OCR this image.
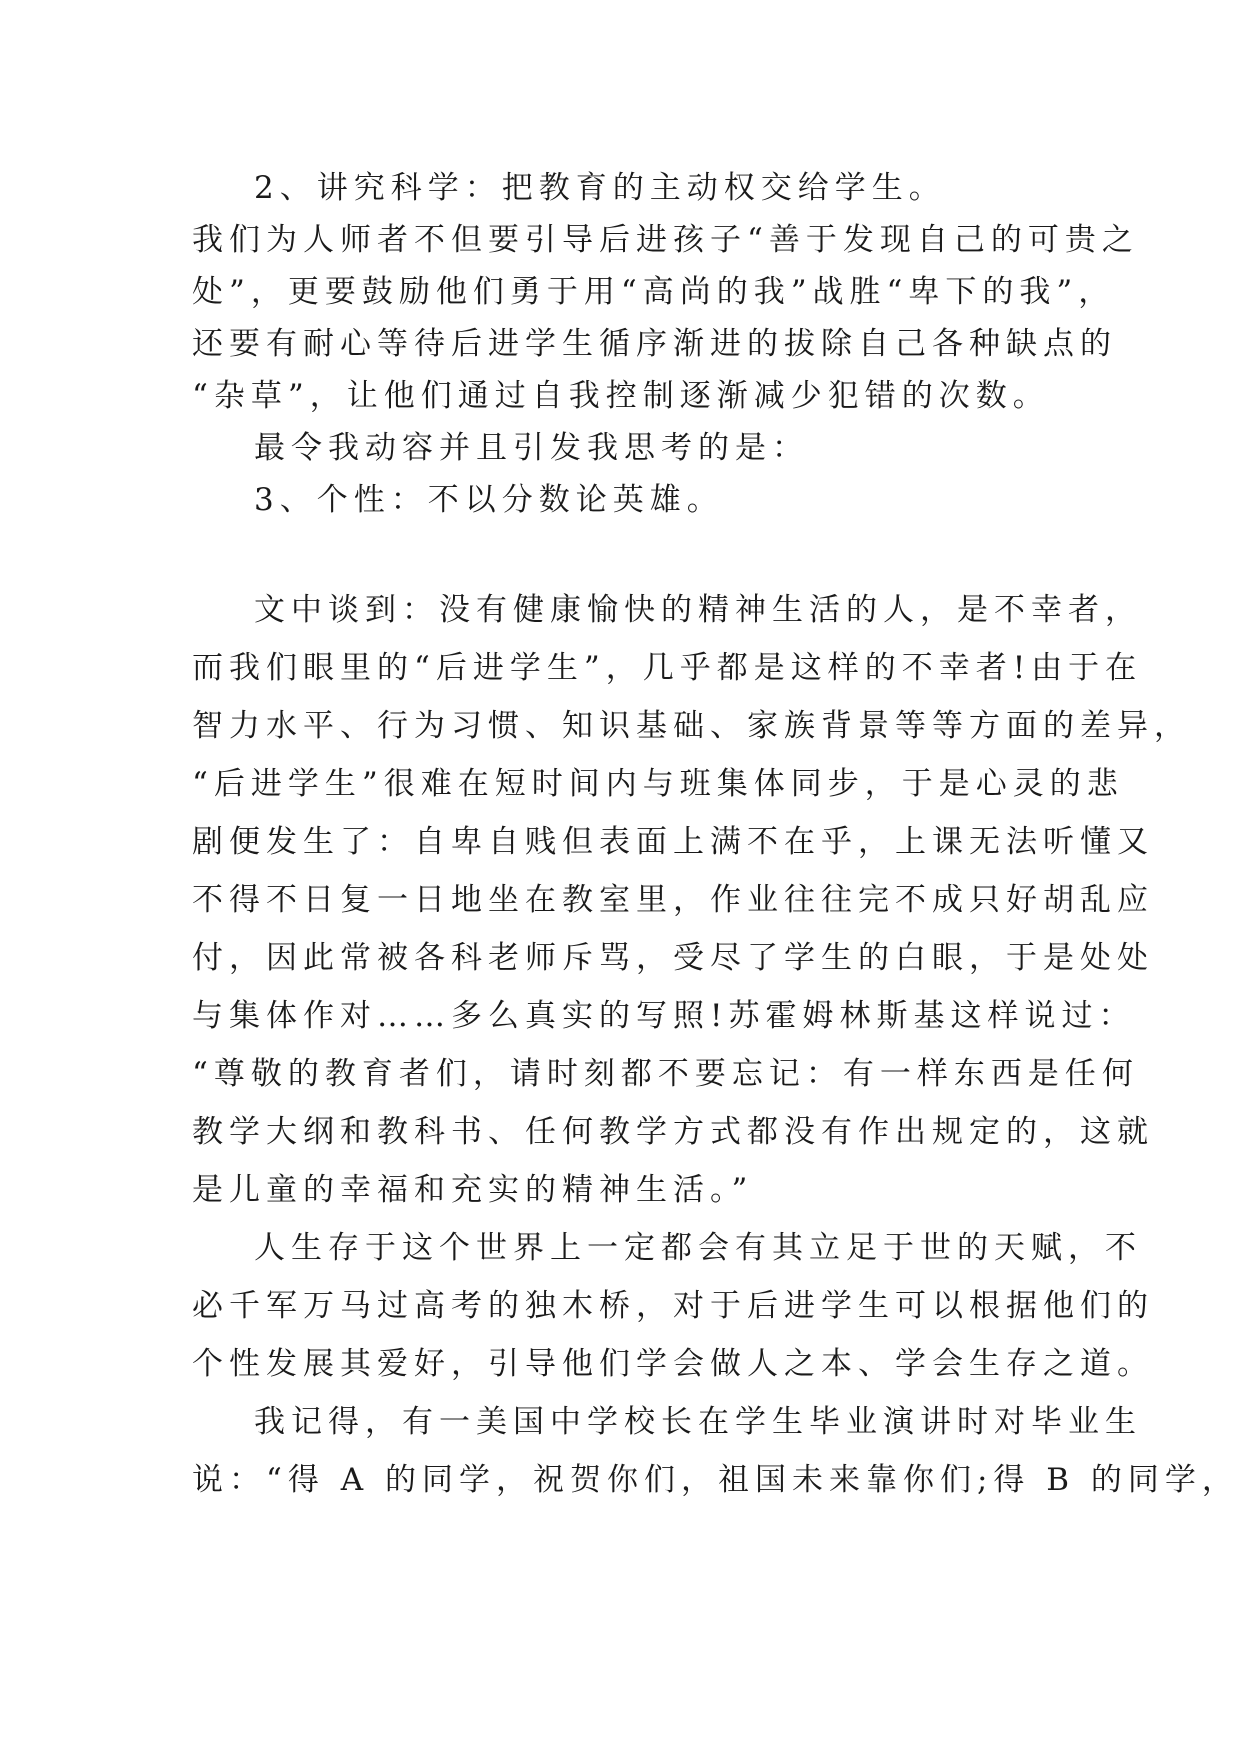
2、讲究科学：把教育的主动权交给学生。
我们为人师者不但要引导后进孩子“善于发现自己的可贵之
处”，更要鼓励他们勇于用“高尚的我”战胜“卑下的我”，
还要有耐心等待后进学生循序渐进的拔除自己各种缺点的
“杂草”，让他们通过自我控制逐渐减少犯错的次数。
最令我动容并且引发我思考的是：
3、个性：不以分数论英雄。
文中谈到：没有健康愉快的精神生活的人，是不幸者，
而我们眼里的“后进学生”，几乎都是这样的不幸者!由于在
智力水平、行为习惯、知识基础、家族背景等等方面的差异，
“后进学生”很难在短时间内与班集体同步，于是心灵的悲
剧便发生了：自卑自贱但表面上满不在乎，上课无法听懂又
不得不日复一日地坐在教室里，作业往往完不成只好胡乱应
付，因此常被各科老师斥骂，受尽了学生的白眼，于是处处
与集体作对……多么真实的写照!苏霍姆林斯基这样说过：
“尊敬的教育者们，请时刻都不要忘记：有一样东西是任何
教学大纲和教科书、任何教学方式都没有作出规定的，这就
是儿童的幸福和充实的精神生活。”
人生存于这个世界上一定都会有其立足于世的天赋，不
必千军万马过高考的独木桥，对于后进学生可以根据他们的
个性发展其爱好，引导他们学会做人之本、学会生存之道。
我记得，有一美国中学校长在学生毕业演讲时对毕业生
说：“得 A 的同学，祝贺你们，祖国未来靠你们;得 B 的同学，
